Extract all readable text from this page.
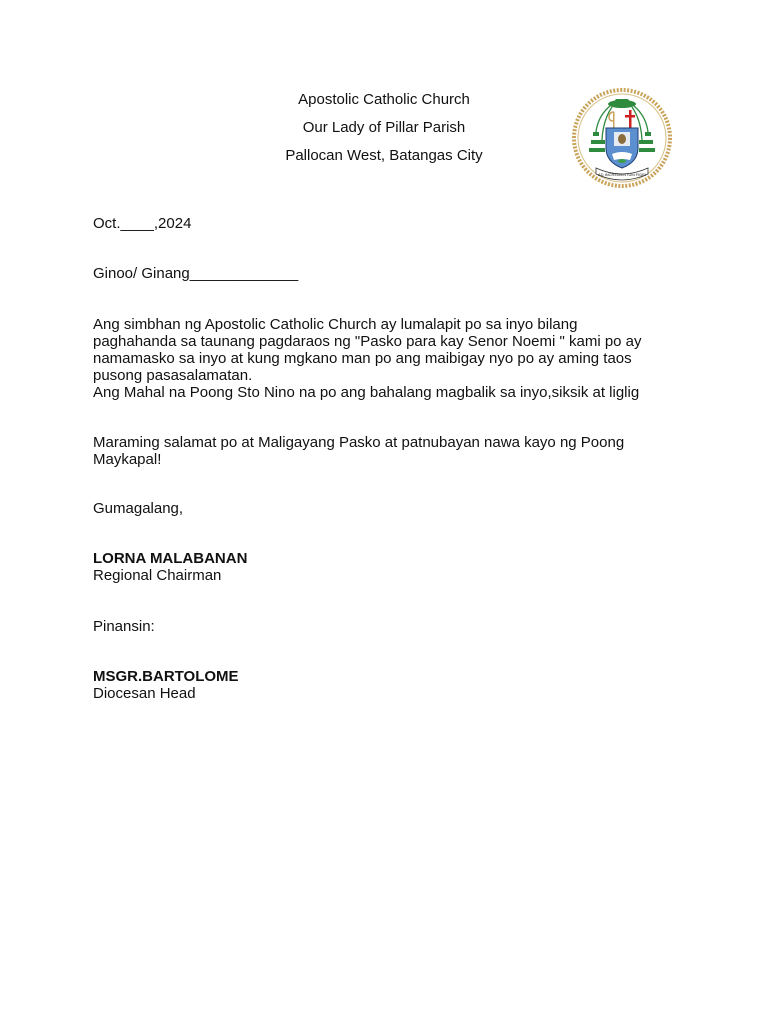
Apostolic Catholic Church
Our Lady of Pillar Parish
Pallocan West, Batangas City
AD INCREMENTUM FIDEI
Oct.____,2024
Ginoo/ Ginang_____________
Ang simbhan ng Apostolic Catholic Church ay lumalapit po sa inyo bilang
paghahanda sa taunang pagdaraos ng "Pasko para kay Senor Noemi " kami po ay
namamasko sa inyo at kung mgkano man po ang maibigay nyo po ay aming taos
pusong pasasalamatan.
Ang Mahal na Poong Sto Nino na po ang bahalang magbalik sa inyo,siksik at liglig
Maraming salamat po at Maligayang Pasko at patnubayan nawa kayo ng Poong
Maykapal!
Gumagalang,
LORNA MALABANAN
Regional Chairman
Pinansin:
MSGR.BARTOLOME
Diocesan Head
